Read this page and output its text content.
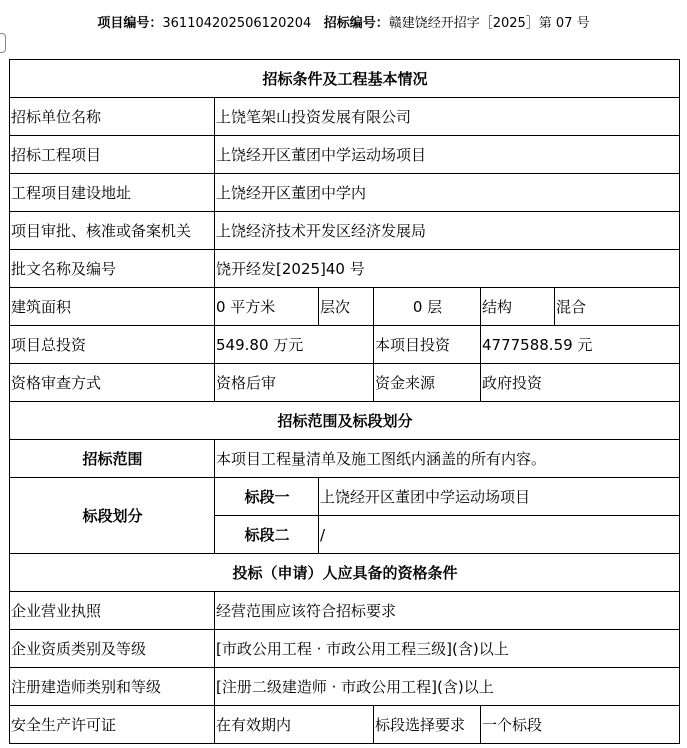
项目编号：361104202506120204 招标编号：赣建饶经开招字［2025］第 07 号
招标条件及工程基本情况					
招标单位名称	上饶笔架山投资发展有限公司				
招标工程项目	上饶经开区董团中学运动场项目				
工程项目建设地址	上饶经开区董团中学内				
项目审批、核准或备案机关	上饶经济技术开发区经济发展局				
批文名称及编号	饶开经发[2025]40 号				
建筑面积	0 平方米	层次	0 层	结构	混合
项目总投资	549.80 万元		本项目投资	4777588.59 元	
资格审查方式	资格后审		资金来源	政府投资	
招标范围及标段划分					
招标范围	本项目工程量清单及施工图纸内涵盖的所有内容。				
标段划分	标段一	上饶经开区董团中学运动场项目			
	标段二	/			
投标（申请）人应具备的资格条件					
企业营业执照	经营范围应该符合招标要求				
企业资质类别及等级	[市政公用工程 · 市政公用工程三级](含)以上				
注册建造师类别和等级	[注册二级建造师 · 市政公用工程](含)以上				
安全生产许可证	在有效期内		标段选择要求	一个标段	
